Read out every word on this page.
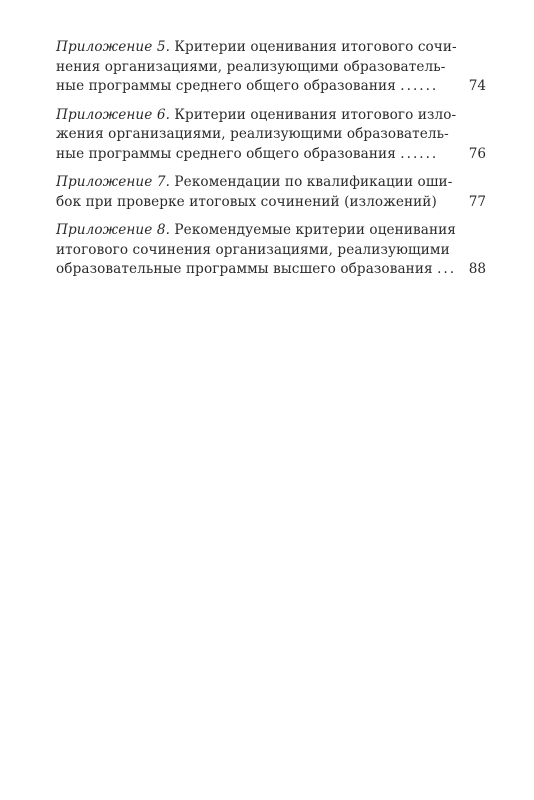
Приложение 5. Критерии оценивания итогового сочи-
нения организациями, реализующими образователь-
ные программы среднего общего образования ......	74
Приложение 6. Критерии оценивания итогового изло-
жения организациями, реализующими образователь-
ные программы среднего общего образования ......	76
Приложение 7. Рекомендации по квалификации оши-
бок при проверке итоговых сочинений (изложений)	77
Приложение 8. Рекомендуемые критерии оценивания
итогового сочинения организациями, реализующими
образовательные программы высшего образования ... 88
